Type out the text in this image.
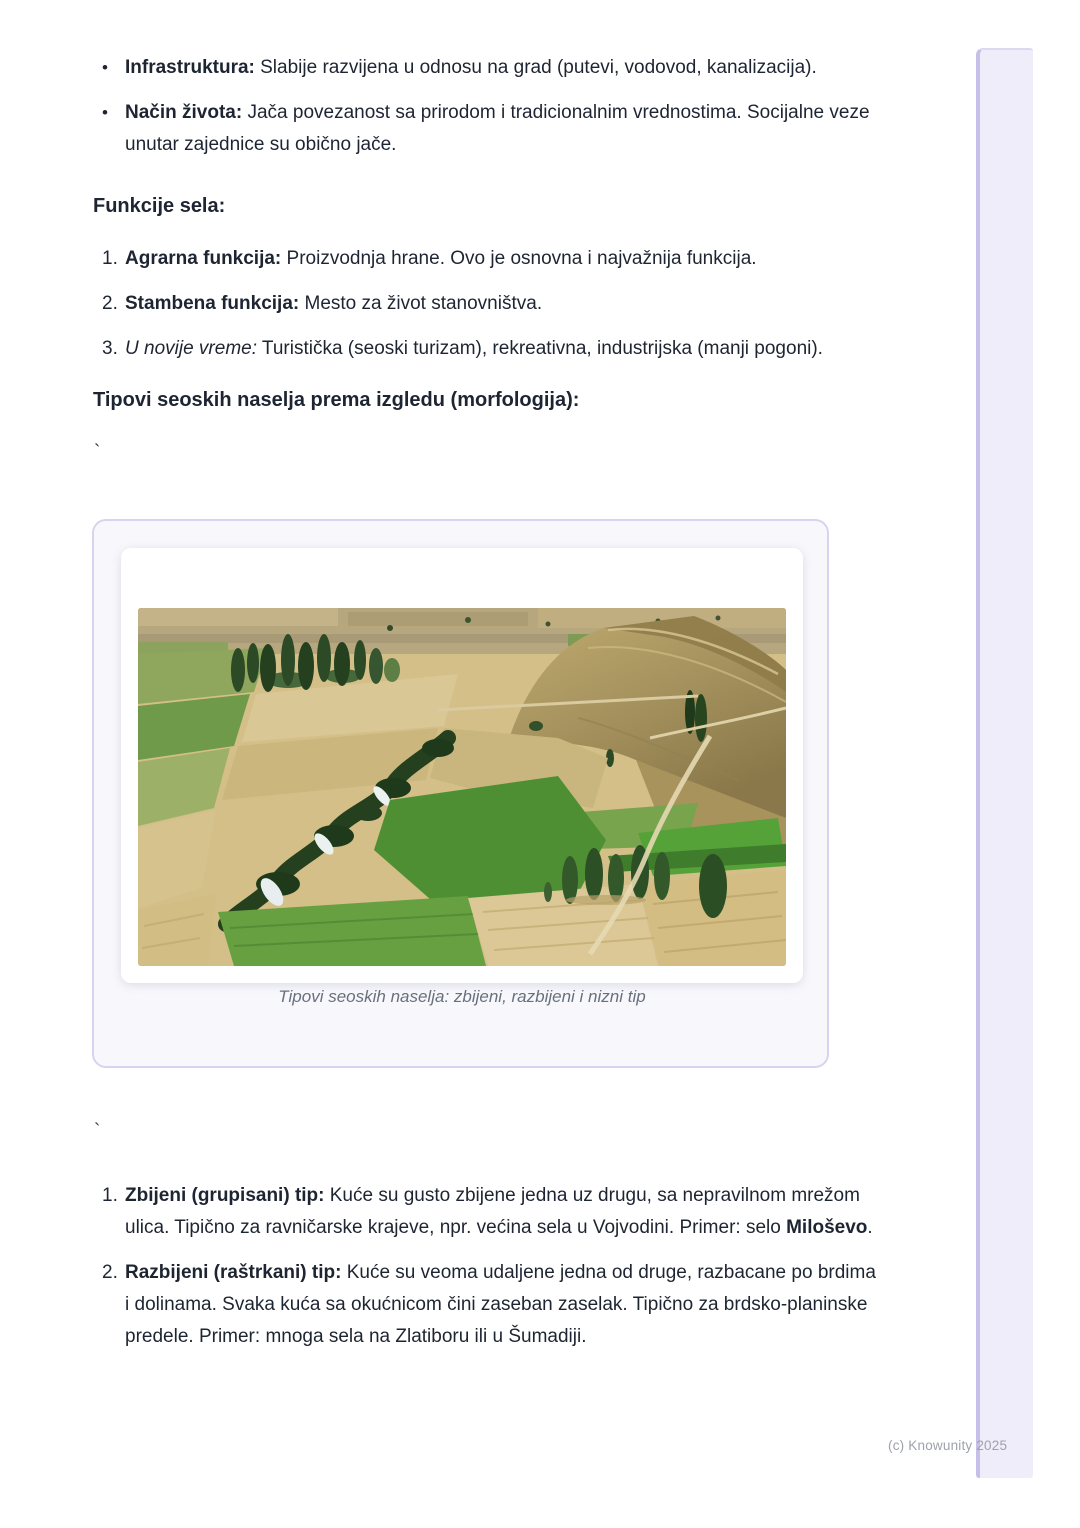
(c) Knowunity 2025
• Infrastruktura: Slabije razvijena u odnosu na grad (putevi, vodovod, kanalizacija).
• Način života: Jača povezanost sa prirodom i tradicionalnim vrednostima. Socijalne veze unutar zajednice su obično jače.
Funkcije sela:
1. Agrarna funkcija: Proizvodnja hrane. Ovo je osnovna i najvažnija funkcija.
2. Stambena funkcija: Mesto za život stanovništva.
3. U novije vreme: Turistička (seoski turizam), rekreativna, industrijska (manji pogoni).
Tipovi seoskih naselja prema izgledu (morfologija):
`
Tipovi seoskih naselja: zbijeni, razbijeni i nizni tip
`
1. Zbijeni (grupisani) tip: Kuće su gusto zbijene jedna uz drugu, sa nepravilnom mrežom ulica. Tipično za ravničarske krajeve, npr. većina sela u Vojvodini. Primer: selo Miloševo.
2. Razbijeni (raštrkani) tip: Kuće su veoma udaljene jedna od druge, razbacane po brdima i dolinama. Svaka kuća sa okućnicom čini zaseban zaselak. Tipično za brdsko-planinske predele. Primer: mnoga sela na Zlatiboru ili u Šumadiji.
